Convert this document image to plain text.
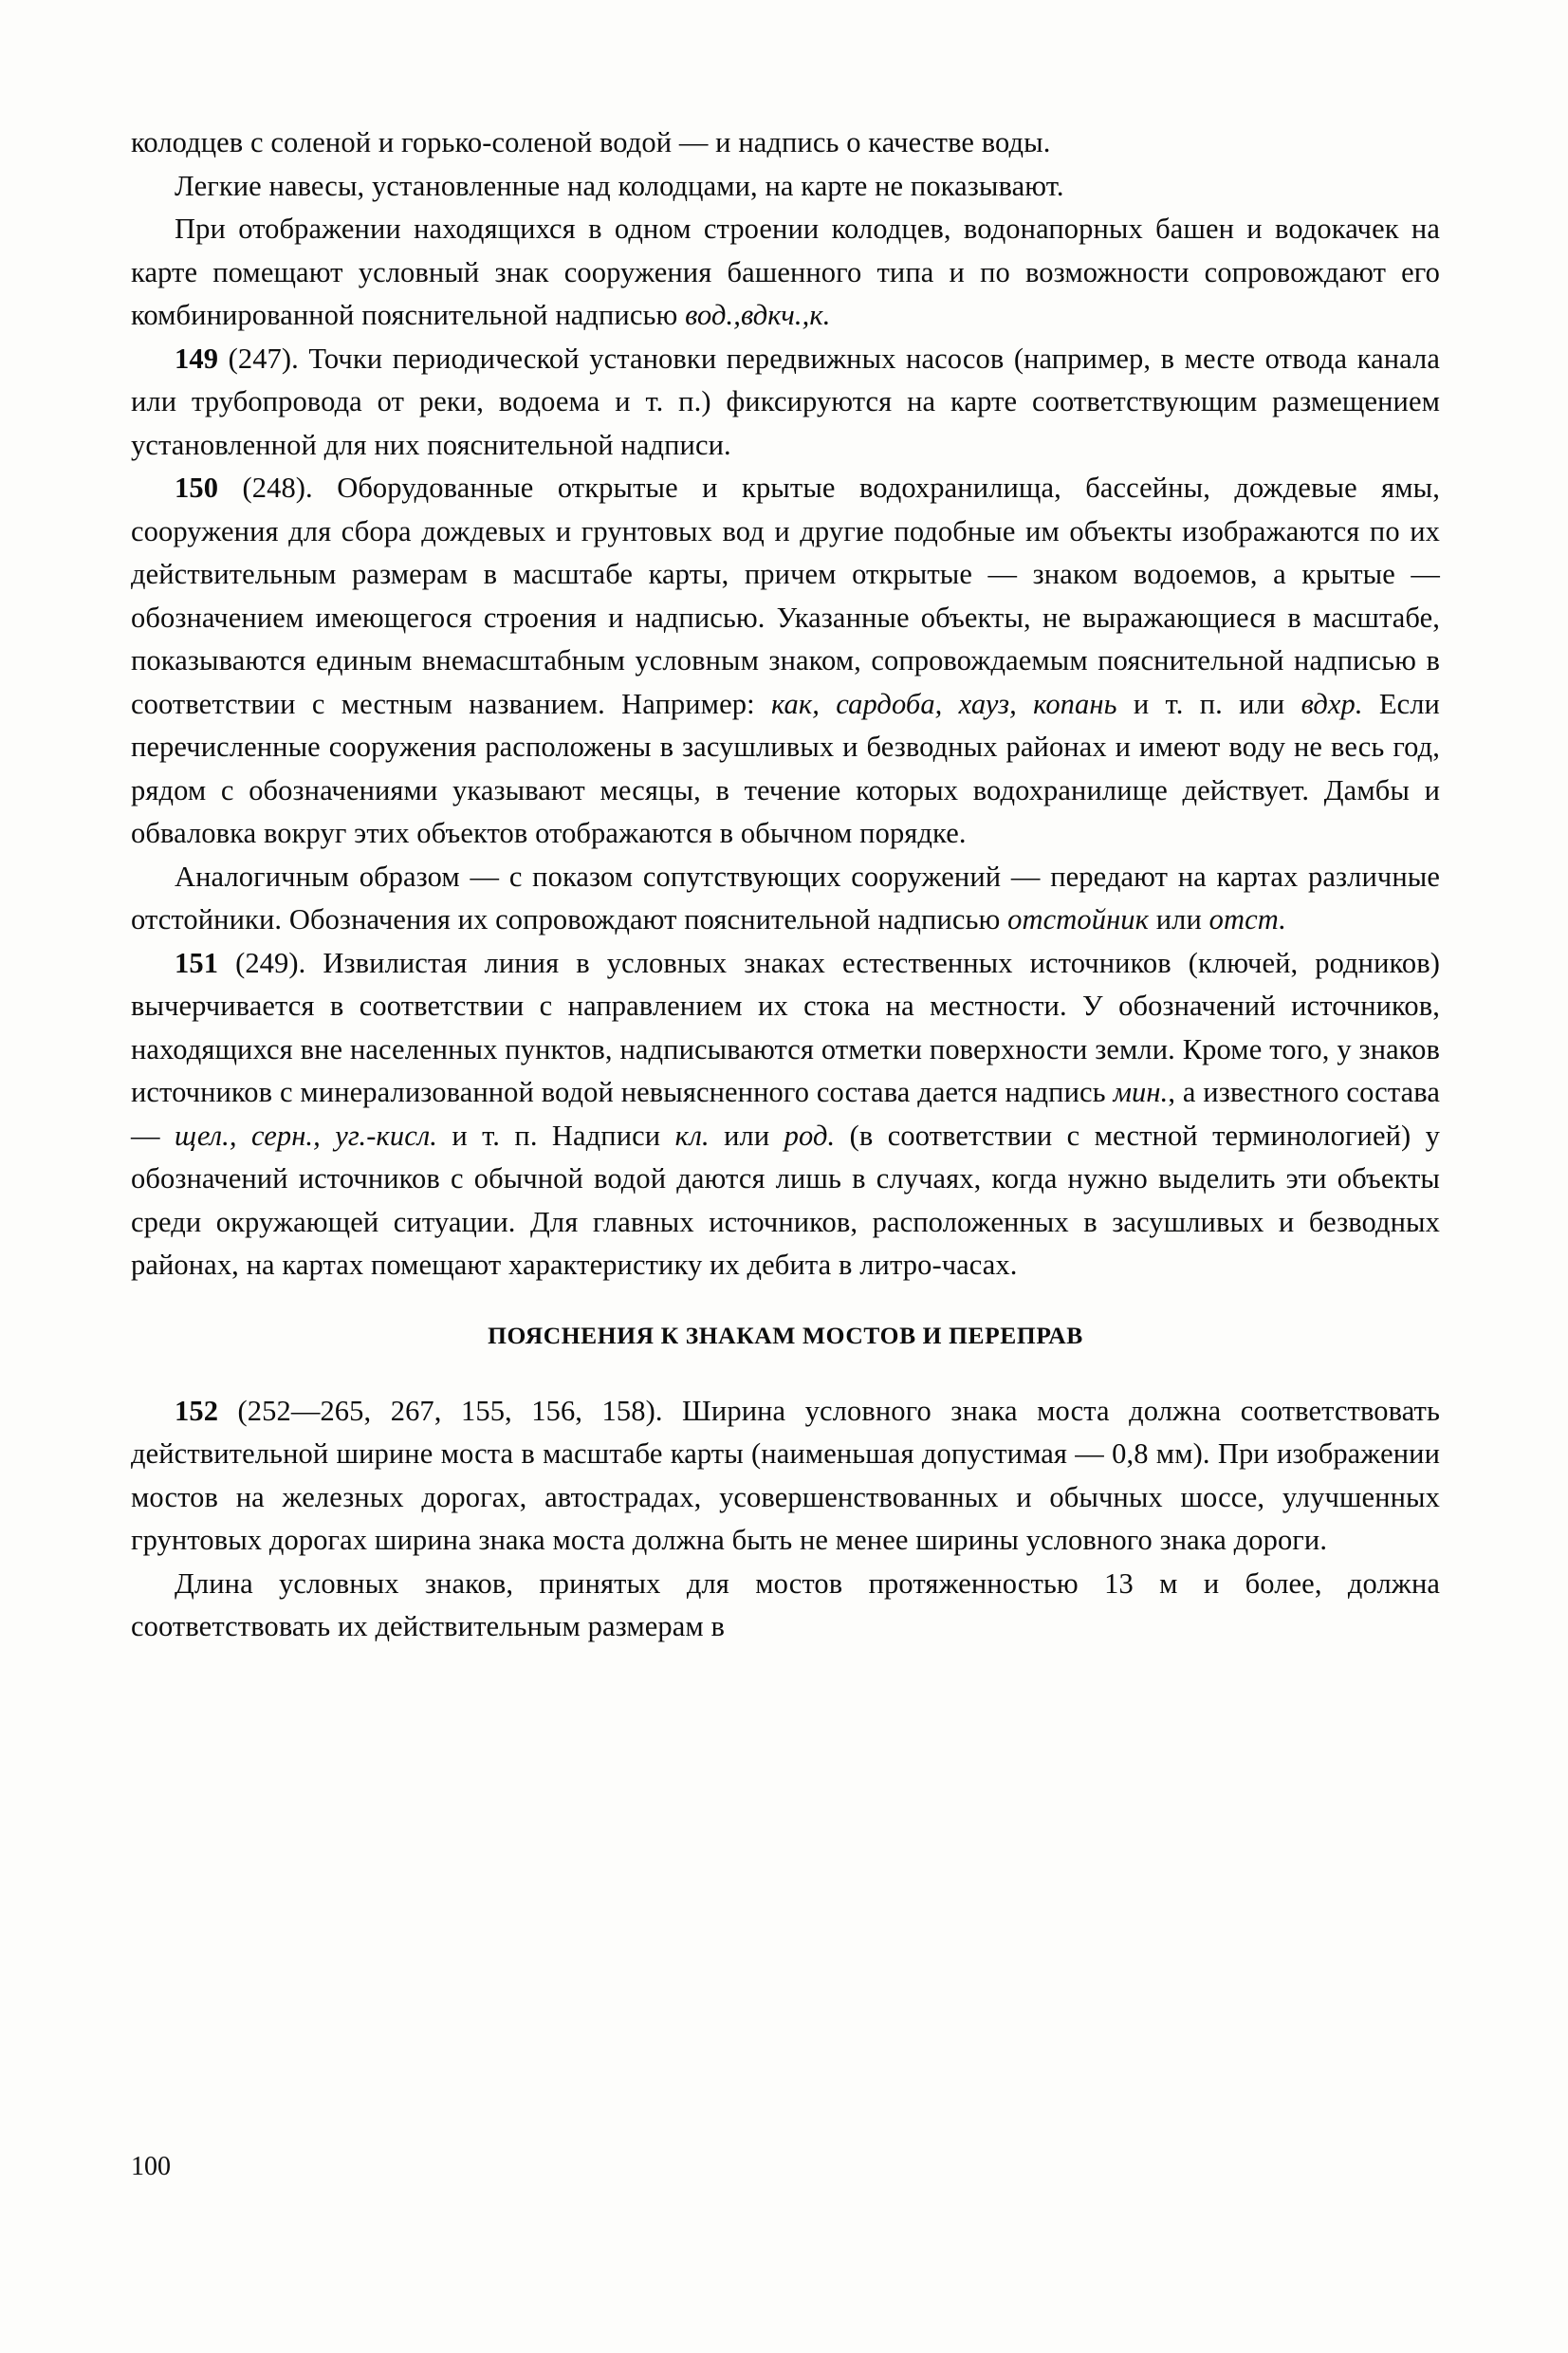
колодцев с соленой и горько-соленой водой — и надпись о качестве воды.

Легкие навесы, установленные над колодцами, на карте не показывают.

При отображении находящихся в одном строении колодцев, водонапорных башен и водокачек на карте помещают условный знак сооружения башенного типа и по возможности сопровождают его комбинированной пояснительной надписью вод.,вдкч.,к.

149 (247). Точки периодической установки передвижных насосов (например, в месте отвода канала или трубопровода от реки, водоема и т. п.) фиксируются на карте соответствующим размещением установленной для них пояснительной надписи.

150 (248). Оборудованные открытые и крытые водохранилища, бассейны, дождевые ямы, сооружения для сбора дождевых и грунтовых вод и другие подобные им объекты изображаются по их действительным размерам в масштабе карты, причем открытые — знаком водоемов, а крытые — обозначением имеющегося строения и надписью. Указанные объекты, не выражающиеся в масштабе, показываются единым внемасштабным условным знаком, сопровождаемым пояснительной надписью в соответствии с местным названием. Например: как, сардоба, хауз, копань и т. п. или вдхр. Если перечисленные сооружения расположены в засушливых и безводных районах и имеют воду не весь год, рядом с обозначениями указывают месяцы, в течение которых водохранилище действует. Дамбы и обваловка вокруг этих объектов отображаются в обычном порядке.

Аналогичным образом — с показом сопутствующих сооружений — передают на картах различные отстойники. Обозначения их сопровождают пояснительной надписью отстойник или отст.

151 (249). Извилистая линия в условных знаках естественных источников (ключей, родников) вычерчивается в соответствии с направлением их стока на местности. У обозначений источников, находящихся вне населенных пунктов, надписываются отметки поверхности земли. Кроме того, у знаков источников с минерализованной водой невыясненного состава дается надпись мин., а известного состава — щел., серн., уг.-кисл. и т. п. Надписи кл. или род. (в соответствии с местной терминологией) у обозначений источников с обычной водой даются лишь в случаях, когда нужно выделить эти объекты среди окружающей ситуации. Для главных источников, расположенных в засушливых и безводных районах, на картах помещают характеристику их дебита в литро-часах.

ПОЯСНЕНИЯ К ЗНАКАМ МОСТОВ И ПЕРЕПРАВ

152 (252—265, 267, 155, 156, 158). Ширина условного знака моста должна соответствовать действительной ширине моста в масштабе карты (наименьшая допустимая — 0,8 мм). При изображении мостов на железных дорогах, автострадах, усовершенствованных и обычных шоссе, улучшенных грунтовых дорогах ширина знака моста должна быть не менее ширины условного знака дороги.

Длина условных знаков, принятых для мостов протяженностью 13 м и более, должна соответствовать их действительным размерам в

100
